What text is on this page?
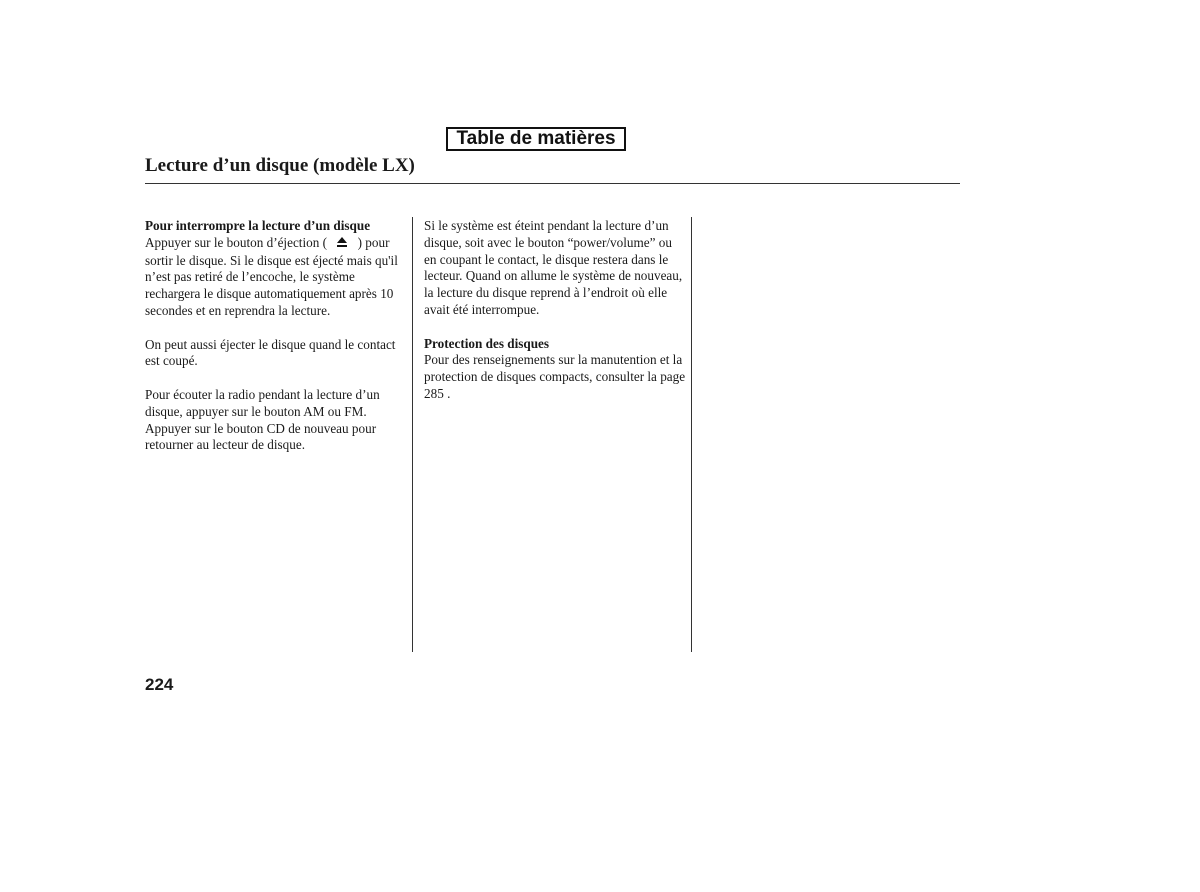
Table de matières
Lecture d’un disque (modèle LX)

Pour interrompre la lecture d’un disque
Appuyer sur le bouton d’éjection ( ) pour sortir le disque. Si le disque est éjecté mais qu'il n’est pas retiré de l’encoche, le système rechargera le disque automatiquement après 10 secondes et en reprendra la lecture.

On peut aussi éjecter le disque quand le contact est coupé.

Pour écouter la radio pendant la lecture d’un disque, appuyer sur le bouton AM ou FM. Appuyer sur le bouton CD de nouveau pour retourner au lecteur de disque.

Si le système est éteint pendant la lecture d’un disque, soit avec le bouton “power/volume” ou en coupant le contact, le disque restera dans le lecteur. Quand on allume le système de nouveau, la lecture du disque reprend à l’endroit où elle avait été interrompue.

Protection des disques
Pour des renseignements sur la manutention et la protection de disques compacts, consulter la page 285 .

224
